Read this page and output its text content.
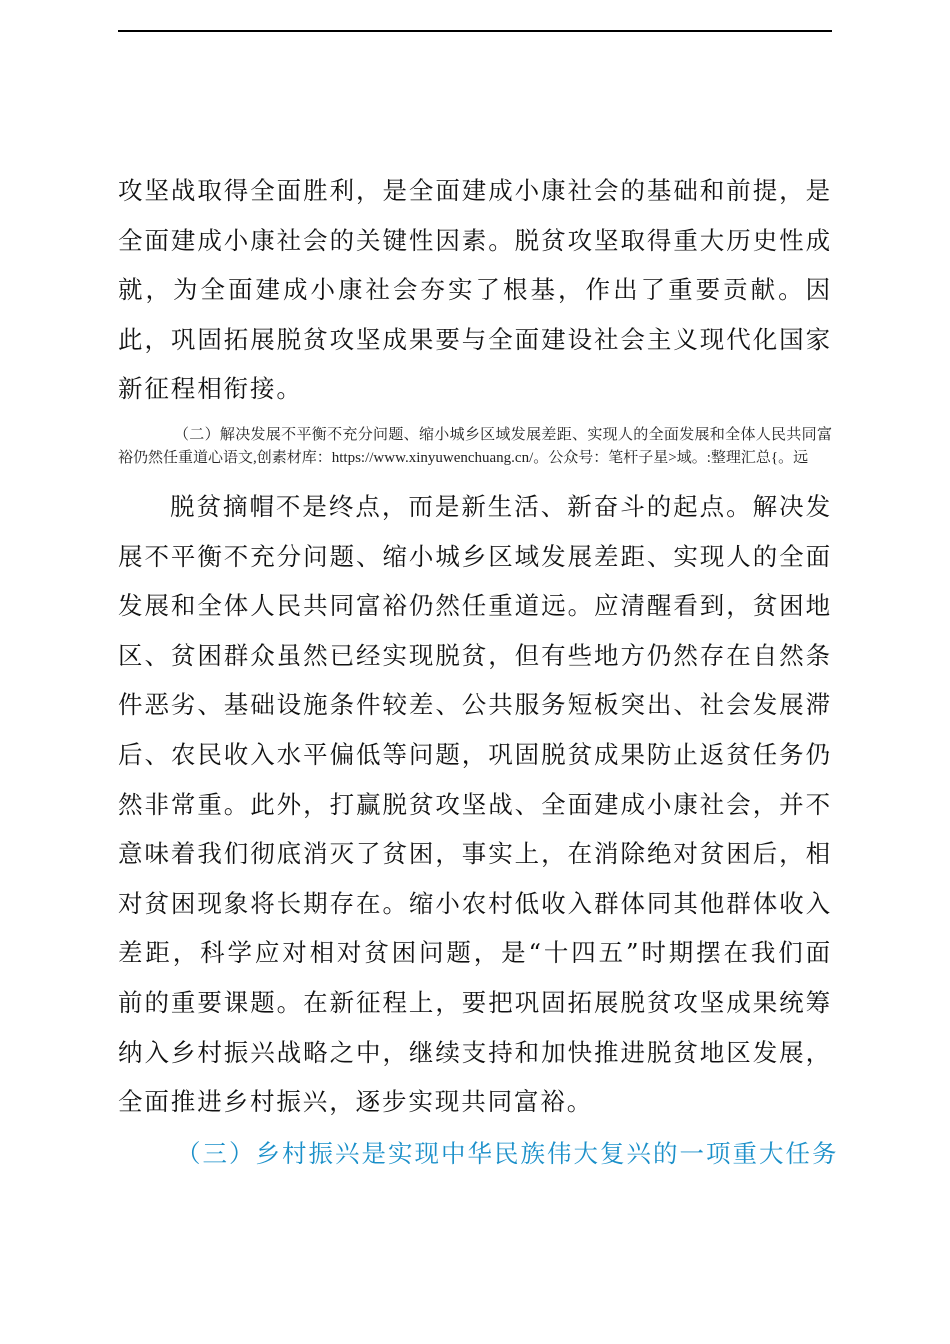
攻坚战取得全面胜利，是全面建成小康社会的基础和前提，是全面建成小康社会的关键性因素。脱贫攻坚取得重大历史性成就，为全面建成小康社会夯实了根基，作出了重要贡献。因此，巩固拓展脱贫攻坚成果要与全面建设社会主义现代化国家新征程相衔接。

（二）解决发展不平衡不充分问题、缩小城乡区域发展差距、实现人的全面发展和全体人民共同富裕仍然任重道心语文,创素材库：https://www.xinyuwenchuang.cn/。公众号：笔杆子星>域。:整理汇总{。远

脱贫摘帽不是终点，而是新生活、新奋斗的起点。解决发展不平衡不充分问题、缩小城乡区域发展差距、实现人的全面发展和全体人民共同富裕仍然任重道远。应清醒看到，贫困地区、贫困群众虽然已经实现脱贫，但有些地方仍然存在自然条件恶劣、基础设施条件较差、公共服务短板突出、社会发展滞后、农民收入水平偏低等问题，巩固脱贫成果防止返贫任务仍然非常重。此外，打赢脱贫攻坚战、全面建成小康社会，并不意味着我们彻底消灭了贫困，事实上，在消除绝对贫困后，相对贫困现象将长期存在。缩小农村低收入群体同其他群体收入差距，科学应对相对贫困问题，是“十四五”时期摆在我们面前的重要课题。在新征程上，要把巩固拓展脱贫攻坚成果统筹纳入乡村振兴战略之中，继续支持和加快推进脱贫地区发展，全面推进乡村振兴，逐步实现共同富裕。

（三）乡村振兴是实现中华民族伟大复兴的一项重大任务
